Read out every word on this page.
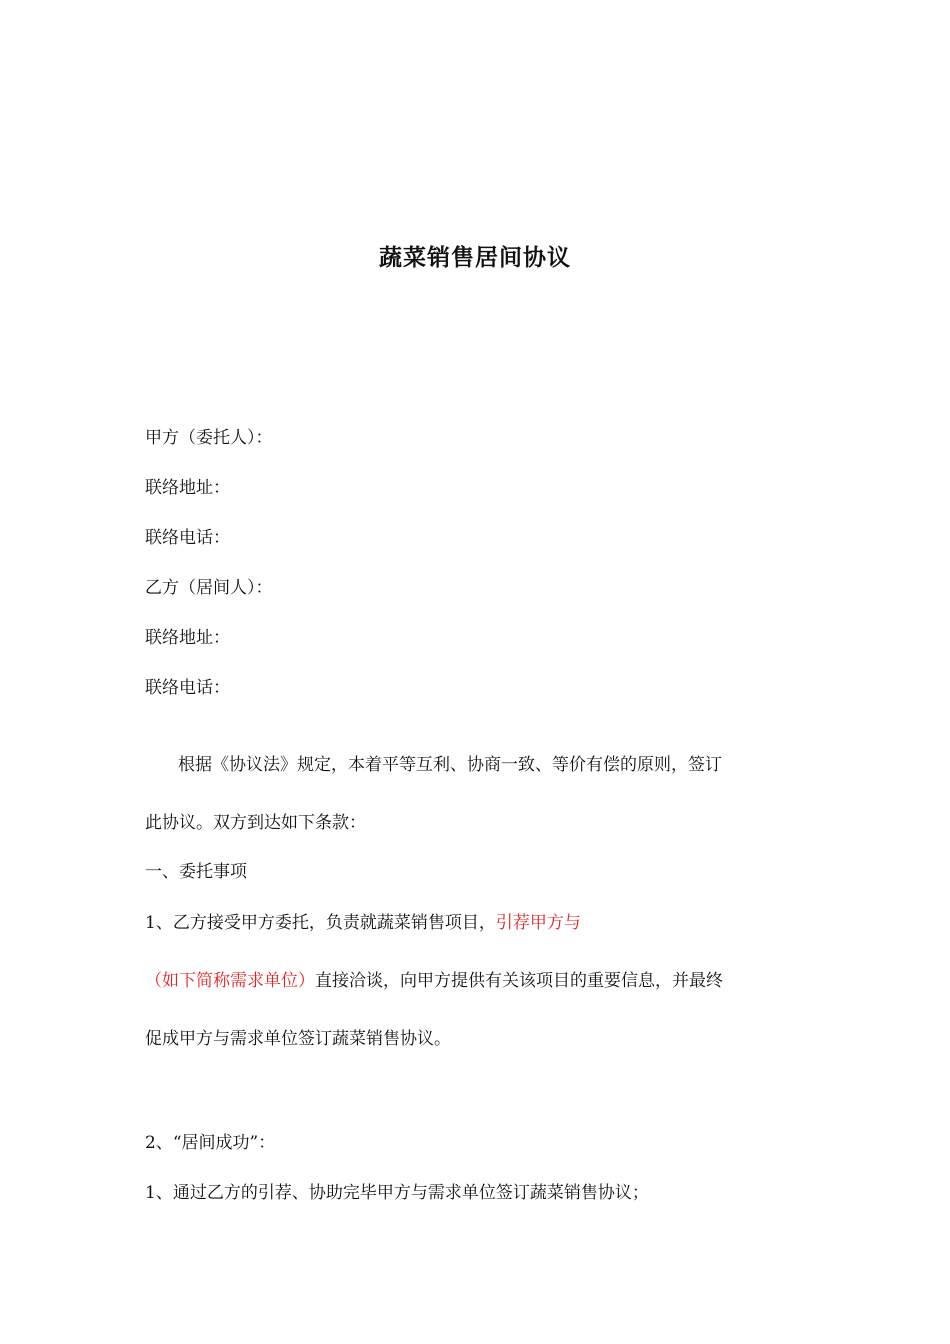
蔬菜销售居间协议
甲方（委托人）：
联络地址：
联络电话：
乙方（居间人）：
联络地址：
联络电话：
根据《协议法》规定，本着平等互利、协商一致、等价有偿的原则，签订
此协议。双方到达如下条款：
一、委托事项
1、乙方接受甲方委托，负责就蔬菜销售项目，引荐甲方与
（如下简称需求单位）直接洽谈，向甲方提供有关该项目的重要信息，并最终
促成甲方与需求单位签订蔬菜销售协议。
2、“居间成功”：
1、通过乙方的引荐、协助完毕甲方与需求单位签订蔬菜销售协议；
